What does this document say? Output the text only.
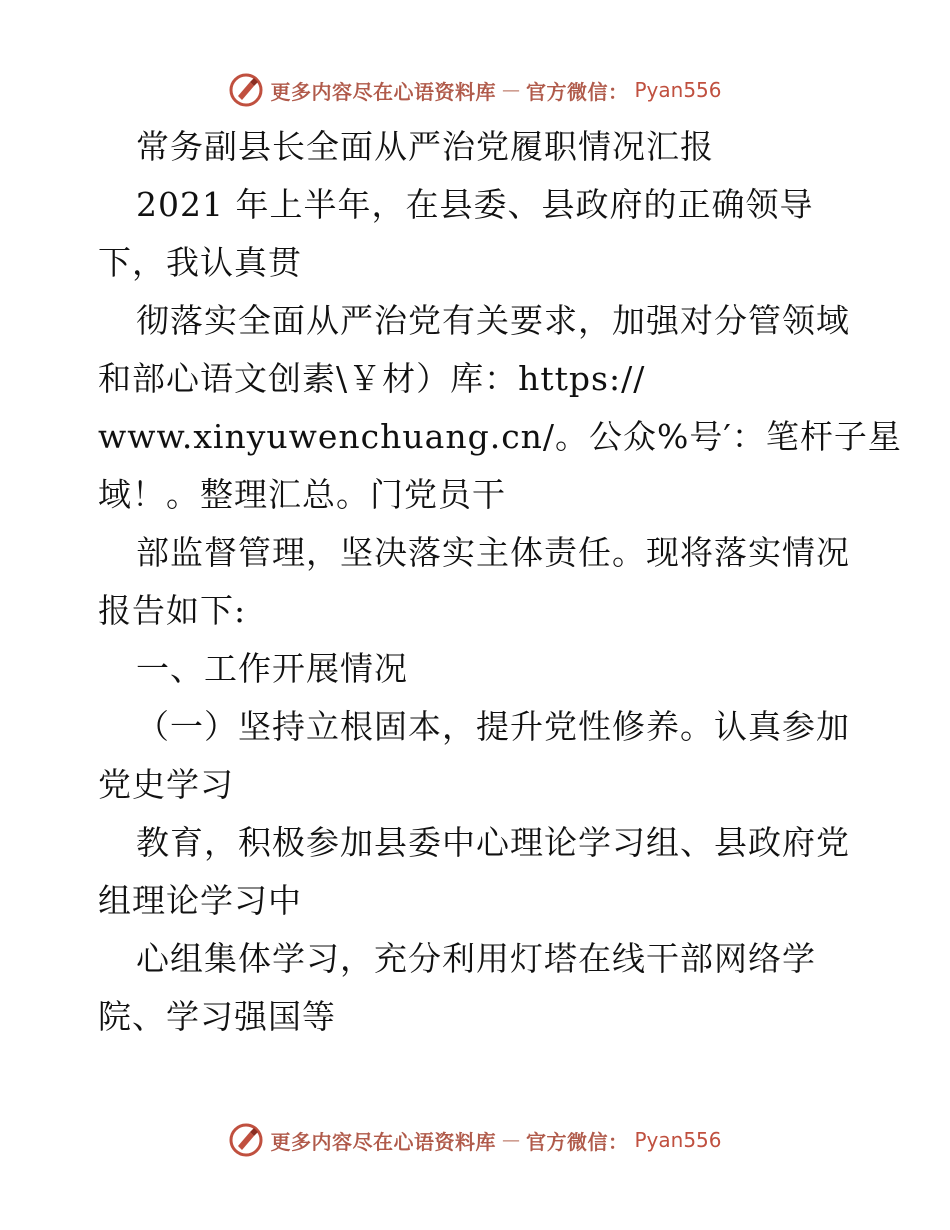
更多内容尽在心语资料库 — 官方微信： Pyan556
常务副县长全面从严治党履职情况汇报
2021 年上半年，在县委、县政府的正确领导
下，我认真贯
彻落实全面从严治党有关要求，加强对分管领域
和部心语文创素\￥材）库：https://
www.xinyuwenchuang.cn/。公众%号′：笔杆子星
域！。整理汇总。门党员干
部监督管理，坚决落实主体责任。现将落实情况
报告如下:
一、工作开展情况
（一）坚持立根固本，提升党性修养。认真参加
党史学习
教育，积极参加县委中心理论学习组、县政府党
组理论学习中
心组集体学习，充分利用灯塔在线干部网络学
院、学习强国等
更多内容尽在心语资料库 — 官方微信： Pyan556
